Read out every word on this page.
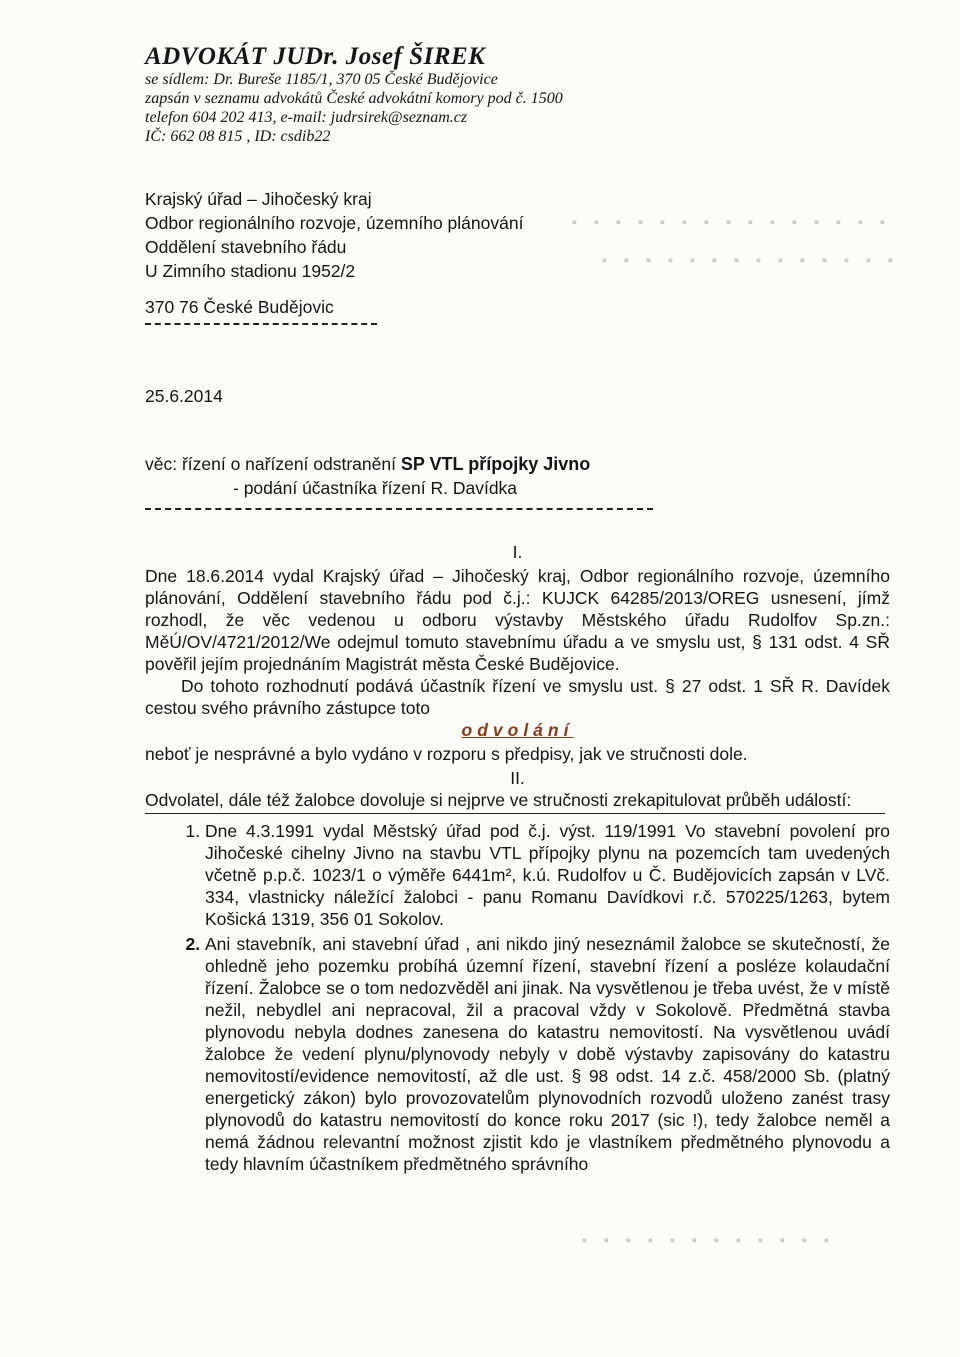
▪ ▪ ▪ ▪ ▪ ▪ ▪ ▪ ▪ ▪ ▪ ▪ ▪ ▪ ▪
▪ ▪ ▪ ▪ ▪ ▪ ▪ ▪ ▪ ▪ ▪ ▪ ▪ ▪
▪ ▪ ▪ ▪ ▪ ▪ ▪ ▪ ▪ ▪ ▪ ▪
ADVOKÁT JUDr. Josef ŠIREK
se sídlem: Dr. Bureše 1185/1, 370 05 České Budějovice
zapsán v seznamu advokátů České advokátní komory pod č. 1500
telefon 604 202 413, e-mail: judrsirek@seznam.cz
IČ: 662 08 815 , ID: csdib22
Krajský úřad – Jihočeský kraj
Odbor regionálního rozvoje, územního plánování
Oddělení stavebního řádu
U Zimního stadionu 1952/2
370 76 České Budějovic
25.6.2014
věc: řízení o nařízení odstranění SP VTL přípojky Jivno
- podání účastníka řízení R. Davídka

I.

Dne 18.6.2014 vydal Krajský úřad – Jihočeský kraj, Odbor regionálního rozvoje, územního plánování, Oddělení stavebního řádu pod č.j.: KUJCK 64285/2013/OREG usnesení, jímž rozhodl, že věc vedenou u odboru výstavby Městského úřadu Rudolfov Sp.zn.: MěÚ/OV/4721/2012/We odejmul tomuto stavebnímu úřadu a ve smyslu ust, § 131 odst. 4 SŘ pověřil jejím projednáním Magistrát města České Budějovice.

Do tohoto rozhodnutí podává účastník řízení ve smyslu ust. § 27 odst. 1 SŘ R. Davídek cestou svého právního zástupce toto

odvolání

neboť je nesprávné a bylo vydáno v rozporu s předpisy, jak ve stručnosti dole.

II.

Odvolatel, dále též žalobce dovoluje si nejprve ve stručnosti zrekapitulovat průběh událostí:

1. Dne 4.3.1991 vydal Městský úřad pod č.j. výst. 119/1991 Vo stavební povolení pro Jihočeské cihelny Jivno na stavbu VTL přípojky plynu na pozemcích tam uvedených včetně p.p.č. 1023/1 o výměře 6441m², k.ú. Rudolfov u Č. Budějovicích zapsán v LVč. 334, vlastnicky náležící žalobci - panu Romanu Davídkovi r.č. 570225/1263, bytem Košická 1319, 356 01 Sokolov.
2. Ani stavebník, ani stavební úřad , ani nikdo jiný neseznámil žalobce se skutečností, že ohledně jeho pozemku probíhá územní řízení, stavební řízení a posléze kolaudační řízení. Žalobce se o tom nedozvěděl ani jinak. Na vysvětlenou je třeba uvést, že v místě nežil, nebydlel ani nepracoval, žil a pracoval vždy v Sokolově. Předmětná stavba plynovodu nebyla dodnes zanesena do katastru nemovitostí. Na vysvětlenou uvádí žalobce že vedení plynu/plynovody nebyly v době výstavby zapisovány do katastru nemovitostí/evidence nemovitostí, až dle ust. § 98 odst. 14 z.č. 458/2000 Sb. (platný energetický zákon) bylo provozovatelům plynovodních rozvodů uloženo zanést trasy plynovodů do katastru nemovitostí do konce roku 2017 (sic !), tedy žalobce neměl a nemá žádnou relevantní možnost zjistit kdo je vlastníkem předmětného plynovodu a tedy hlavním účastníkem předmětného správního
